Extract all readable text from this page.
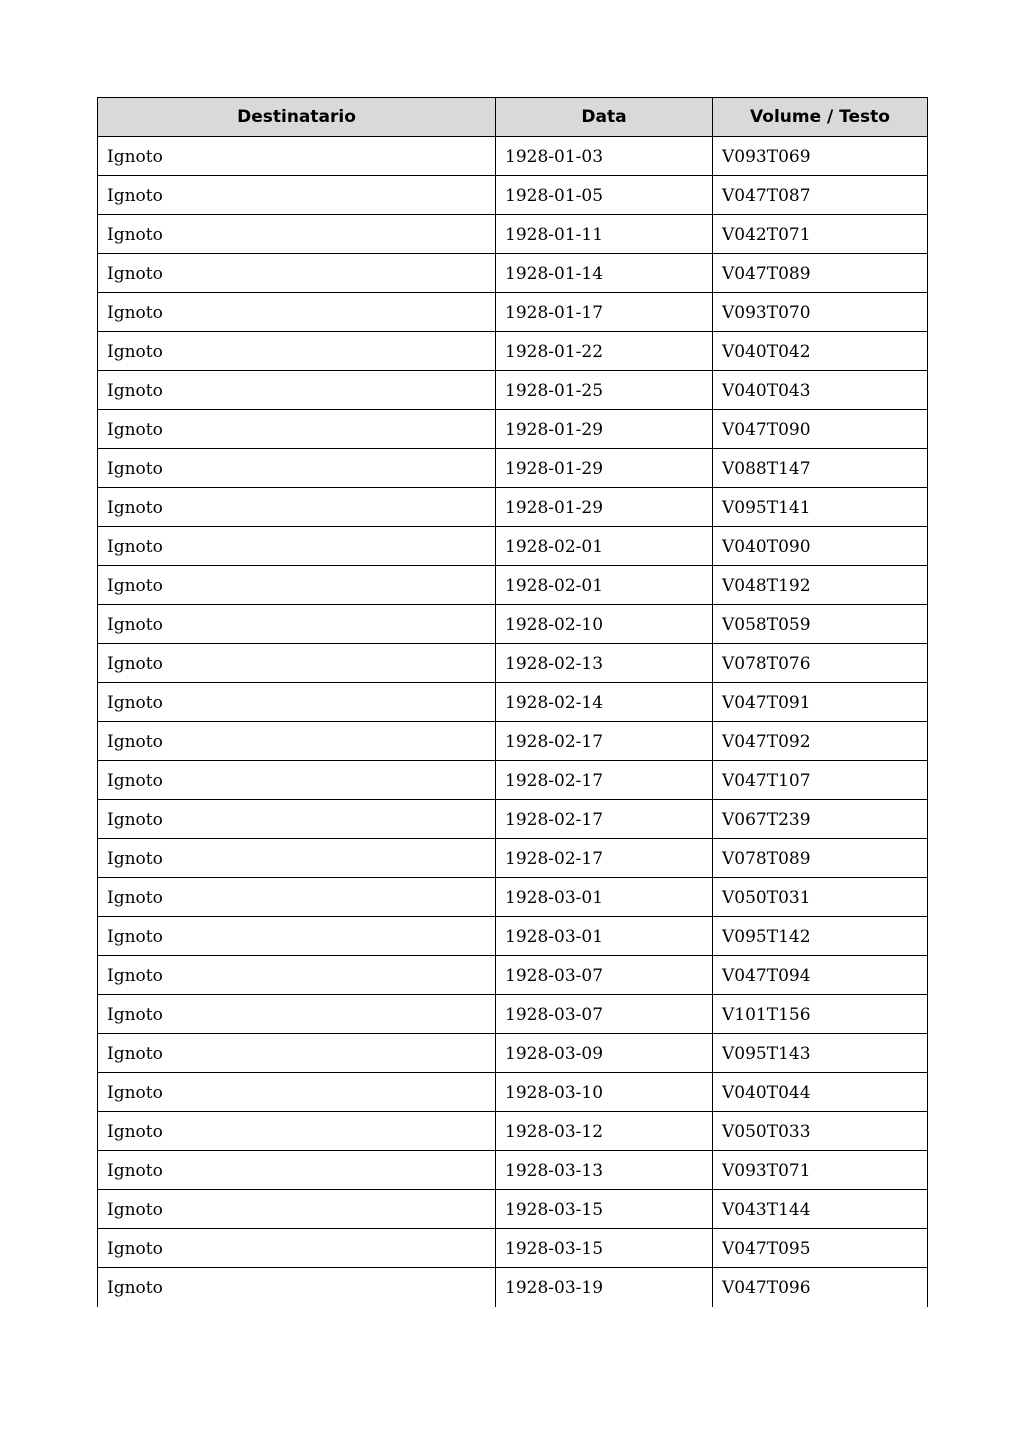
Destinatario	Data	Volume / Testo
Ignoto	1928-01-03	V093T069
Ignoto	1928-01-05	V047T087
Ignoto	1928-01-11	V042T071
Ignoto	1928-01-14	V047T089
Ignoto	1928-01-17	V093T070
Ignoto	1928-01-22	V040T042
Ignoto	1928-01-25	V040T043
Ignoto	1928-01-29	V047T090
Ignoto	1928-01-29	V088T147
Ignoto	1928-01-29	V095T141
Ignoto	1928-02-01	V040T090
Ignoto	1928-02-01	V048T192
Ignoto	1928-02-10	V058T059
Ignoto	1928-02-13	V078T076
Ignoto	1928-02-14	V047T091
Ignoto	1928-02-17	V047T092
Ignoto	1928-02-17	V047T107
Ignoto	1928-02-17	V067T239
Ignoto	1928-02-17	V078T089
Ignoto	1928-03-01	V050T031
Ignoto	1928-03-01	V095T142
Ignoto	1928-03-07	V047T094
Ignoto	1928-03-07	V101T156
Ignoto	1928-03-09	V095T143
Ignoto	1928-03-10	V040T044
Ignoto	1928-03-12	V050T033
Ignoto	1928-03-13	V093T071
Ignoto	1928-03-15	V043T144
Ignoto	1928-03-15	V047T095
Ignoto	1928-03-19	V047T096
